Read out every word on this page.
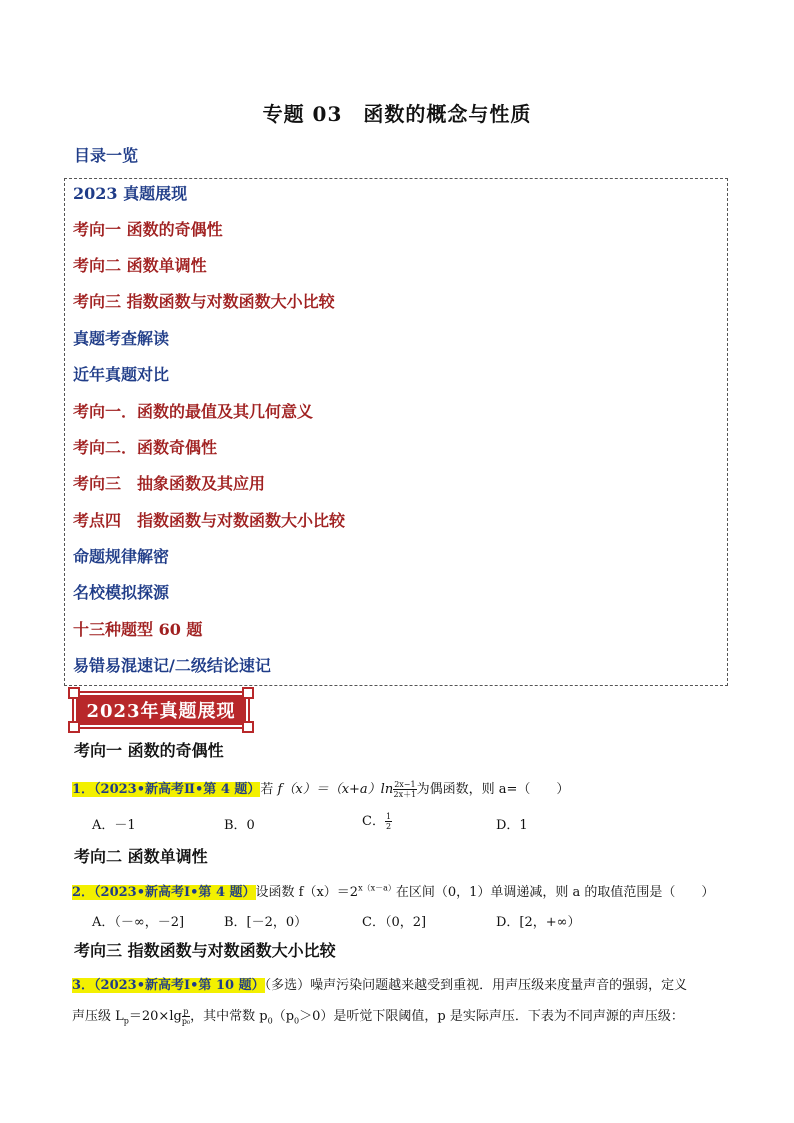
专题 03　函数的概念与性质
目录一览
2023 真题展现
考向一 函数的奇偶性
考向二 函数单调性
考向三 指数函数与对数函数大小比较
真题考查解读
近年真题对比
考向一．函数的最值及其几何意义
考向二．函数奇偶性
考向三　抽象函数及其应用
考点四　指数函数与对数函数大小比较
命题规律解密
名校模拟探源
十三种题型 60 题
易错易混速记/二级结论速记
2023年真题展现
考向一 函数的奇偶性
1．（2023•新高考Ⅱ•第 4 题）若 $f(x)=(x+a)\ln \frac{2x-1}{2x+1}$ 为偶函数，则 a=（　　）
A．－1	B．0	C． $\frac{1}{2}$	D．1
考向二 函数单调性
2．（2023•新高考Ⅰ•第 4 题）设函数 $f(x)=2^{x(x-a)}$在区间（0，1）单调递减，则 a 的取值范围是（　　）
A．（－∞，－2]	B．[－2，0）	C．（0，2]	D．[2，+∞）
考向三 指数函数与对数函数大小比较
3．（2023•新高考Ⅰ•第 10 题）（多选）噪声污染问题越来越受到重视．用声压级来度量声音的强弱，定义
声压级 $L_p=20\times\lg \frac{p}{\text{p₀}}$ ，其中常数 $p_0(p_0>0)$是听觉下限阈值，p 是实际声压．下表为不同声源的声压级：
